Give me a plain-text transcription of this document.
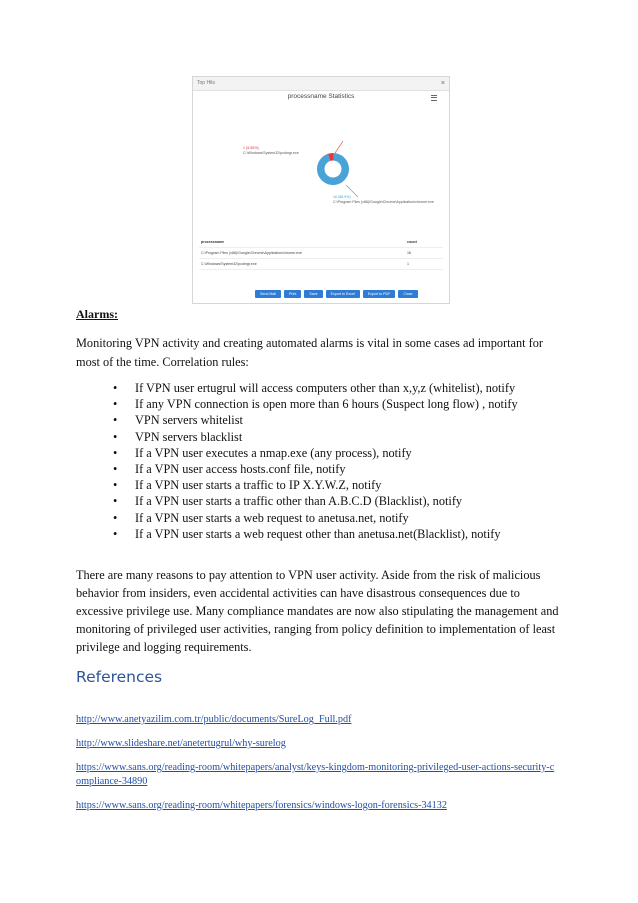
Top Hits	×
processname Statistics
1 (5.55%)
C:\Windows\System32\pcdmgr.exe
16 (88.9%)
C:\Program Files (x86)\Google\Chrome\Application\chrome.exe
processname	count
C:\Program Files (x86)\Google\Chrome\Application\chrome.exe	16
C:\Windows\System32\pcdmgr.exe	1
Send Mail	Print	Save	Export to Excel	Export to PDF	Close
Alarms:
Monitoring VPN activity and creating automated alarms is vital in some cases ad important for most of the time. Correlation rules:
• If VPN user ertugrul will access computers other than x,y,z (whitelist), notify
• If any VPN connection is open more than 6 hours (Suspect long flow) , notify
• VPN servers whitelist
• VPN servers blacklist
• If a VPN user executes a nmap.exe (any process), notify
• If a VPN user access hosts.conf file, notify
• If a VPN user starts a traffic to IP X.Y.W.Z, notify
• If a VPN user starts a traffic other than A.B.C.D (Blacklist), notify
• If a VPN user starts a web request to anetusa.net, notify
• If a VPN user starts a web request other than anetusa.net(Blacklist), notify
There are many reasons to pay attention to VPN user activity. Aside from the risk of malicious behavior from insiders, even accidental activities can have disastrous consequences due to excessive privilege use. Many compliance mandates are now also stipulating the management and monitoring of privileged user activities, ranging from policy definition to implementation of least privilege and logging requirements.
References
http://www.anetyazilim.com.tr/public/documents/SureLog_Full.pdf
http://www.slideshare.net/anetertugrul/why-surelog
https://www.sans.org/reading-room/whitepapers/analyst/keys-kingdom-monitoring-privileged-user-actions-security-compliance-34890
https://www.sans.org/reading-room/whitepapers/forensics/windows-logon-forensics-34132
